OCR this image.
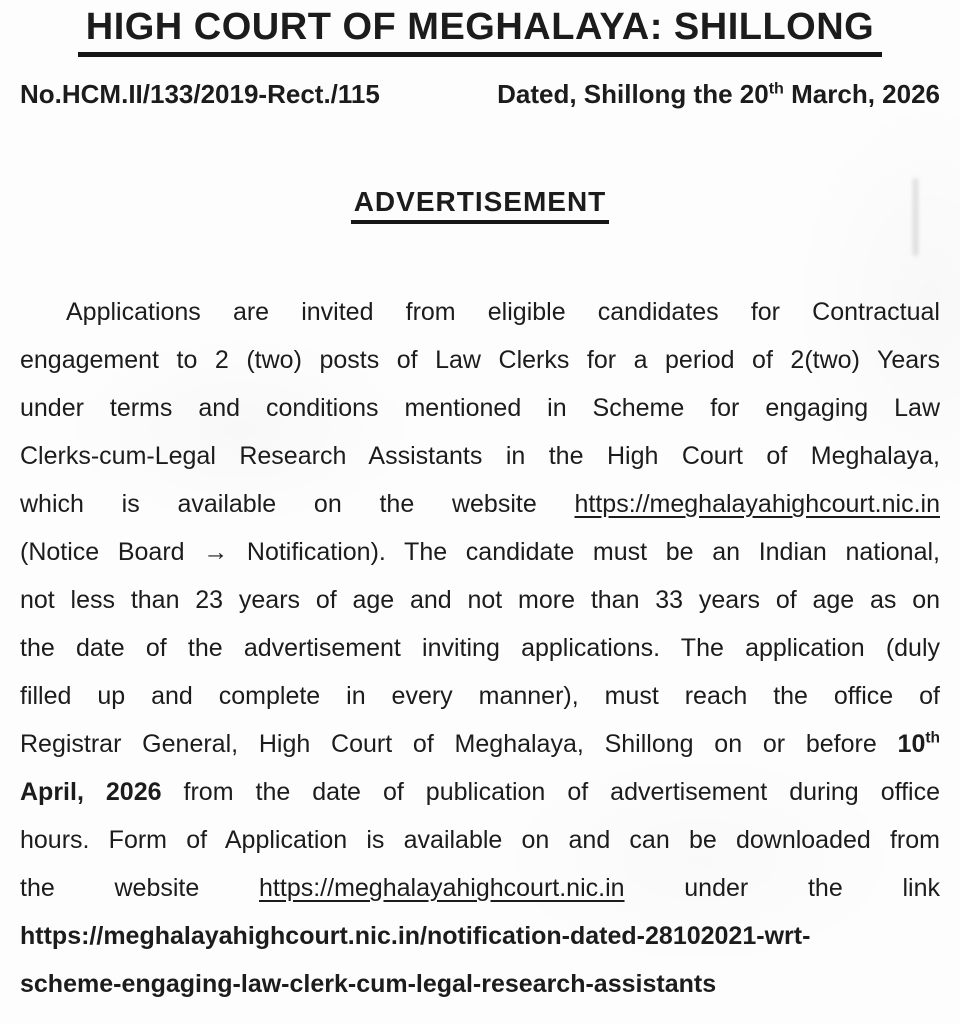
HIGH COURT OF MEGHALAYA: SHILLONG
No.HCM.II/133/2019-Rect./115	Dated, Shillong the 20th March, 2026
ADVERTISEMENT
Applications are invited from eligible candidates for Contractual
engagement to 2 (two) posts of Law Clerks for a period of 2(two) Years
under terms and conditions mentioned in Scheme for engaging Law
Clerks-cum-Legal Research Assistants in the High Court of Meghalaya,
which is available on the website https://meghalayahighcourt.nic.in
(Notice Board → Notification). The candidate must be an Indian national,
not less than 23 years of age and not more than 33 years of age as on
the date of the advertisement inviting applications. The application (duly
filled up and complete in every manner), must reach the office of
Registrar General, High Court of Meghalaya, Shillong on or before 10th
April, 2026 from the date of publication of advertisement during office
hours. Form of Application is available on and can be downloaded from
the website https://meghalayahighcourt.nic.in under the link
https://meghalayahighcourt.nic.in/notification-dated-28102021-wrt-
scheme-engaging-law-clerk-cum-legal-research-assistants
